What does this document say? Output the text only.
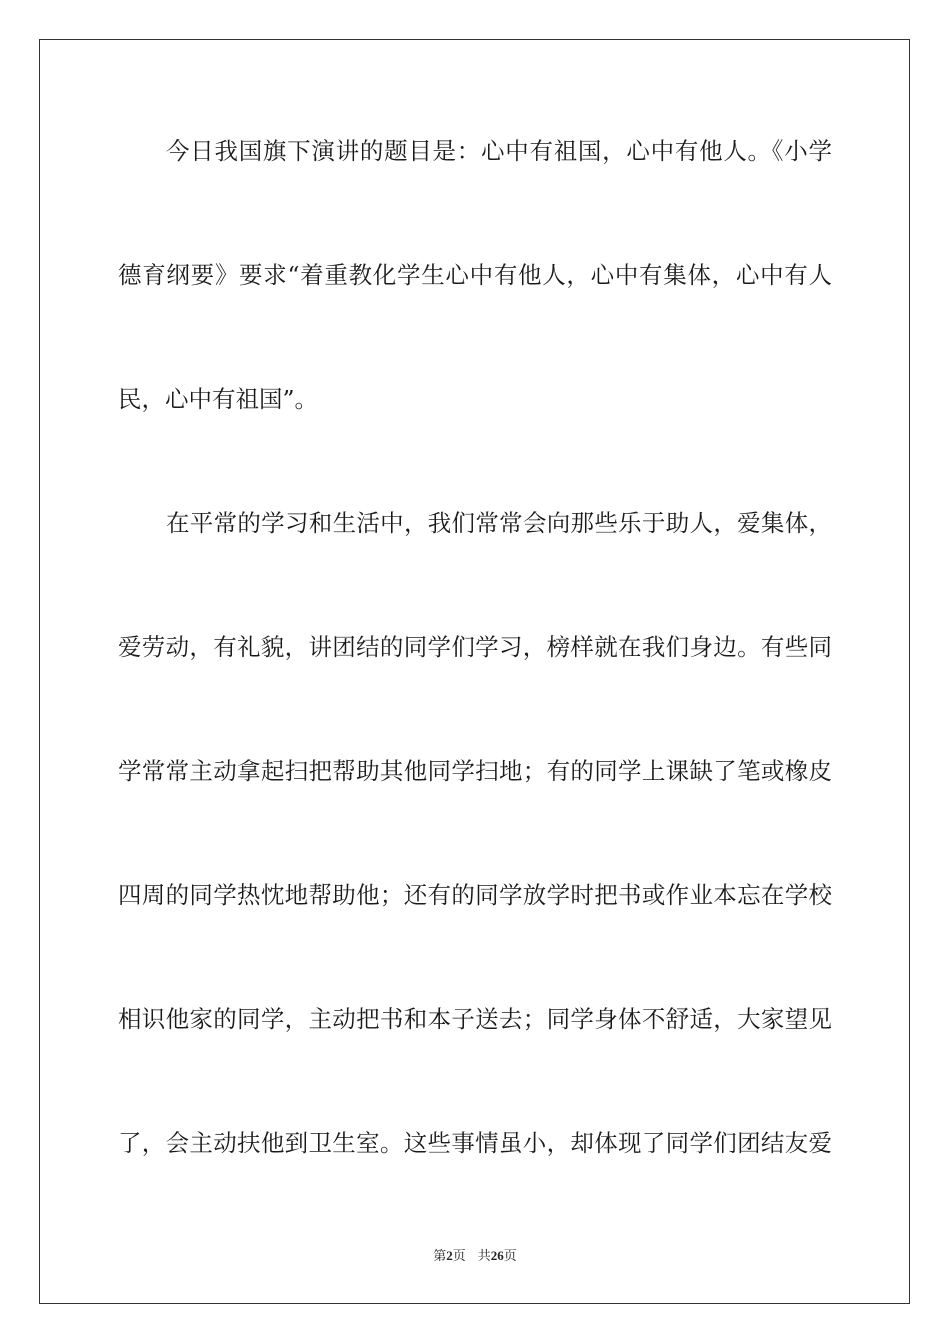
今日我国旗下演讲的题目是：心中有祖国，心中有他人。《小学
德育纲要》要求“着重教化学生心中有他人，心中有集体，心中有人
民，心中有祖国”。
在平常的学习和生活中，我们常常会向那些乐于助人，爱集体，
爱劳动，有礼貌，讲团结的同学们学习，榜样就在我们身边。有些同
学常常主动拿起扫把帮助其他同学扫地；有的同学上课缺了笔或橡皮
四周的同学热忱地帮助他；还有的同学放学时把书或作业本忘在学校
相识他家的同学，主动把书和本子送去；同学身体不舒适，大家望见
了，会主动扶他到卫生室。这些事情虽小，却体现了同学们团结友爱
第2页 共26页
